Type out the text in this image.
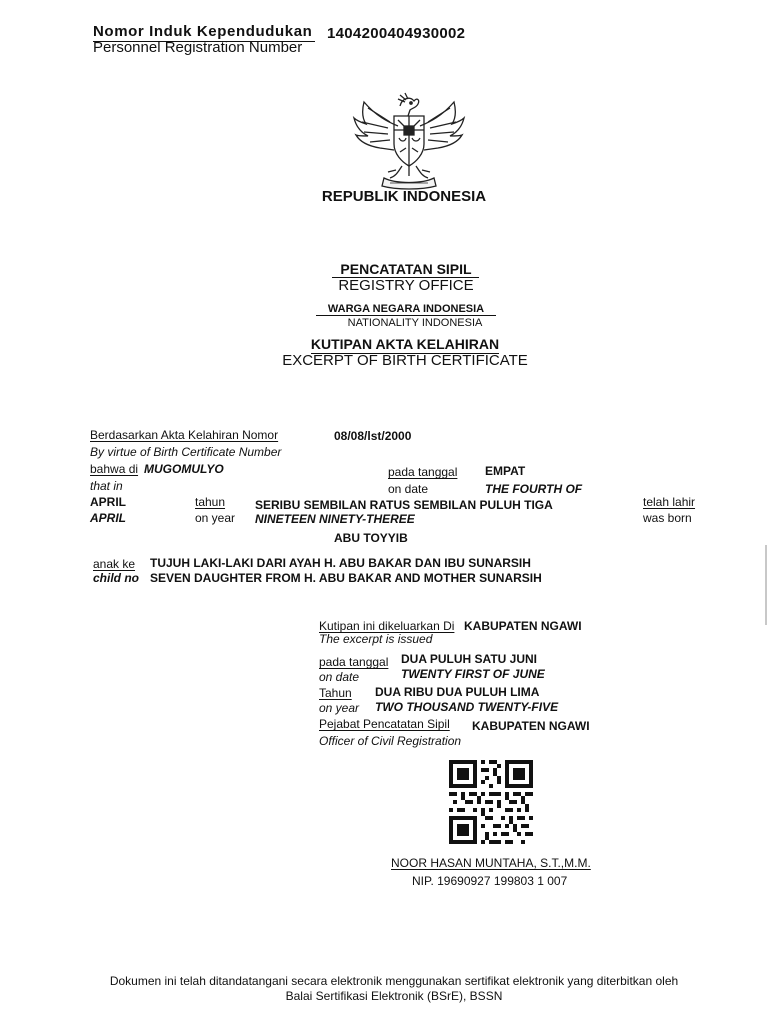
Nomor Induk Kependudukan
Personnel Registration Number
1404200404930002
REPUBLIK INDONESIA
PENCATATAN SIPIL
REGISTRY OFFICE
WARGA NEGARA INDONESIA
NATIONALITY INDONESIA
KUTIPAN AKTA KELAHIRAN
EXCERPT OF BIRTH CERTIFICATE
Berdasarkan Akta Kelahiran Nomor
By virtue of Birth Certificate Number
08/08/lst/2000
bahwa di MUGOMULYO
that in
pada tanggal
on date
EMPAT
THE FOURTH OF
APRIL
APRIL
tahun
on year
SERIBU SEMBILAN RATUS SEMBILAN PULUH TIGA
NINETEEN NINETY-THEREE
telah lahir
was born
ABU TOYYIB
anak ke
child no
TUJUH LAKI-LAKI DARI AYAH H. ABU BAKAR DAN IBU SUNARSIH
SEVEN DAUGHTER FROM H. ABU BAKAR AND MOTHER SUNARSIH
Kutipan ini dikeluarkan Di KABUPATEN NGAWI
The excerpt is issued
pada tanggal DUA PULUH SATU JUNI
on date	TWENTY FIRST OF JUNE
Tahun DUA RIBU DUA PULUH LIMA
on year TWO THOUSAND TWENTY-FIVE
Pejabat Pencatatan Sipil KABUPATEN NGAWI
Officer of Civil Registration
NOOR HASAN MUNTAHA, S.T.,M.M.
NIP. 19690927 199803 1 007
Dokumen ini telah ditandatangani secara elektronik menggunakan sertifikat elektronik yang diterbitkan oleh
Balai Sertifikasi Elektronik (BSrE), BSSN
